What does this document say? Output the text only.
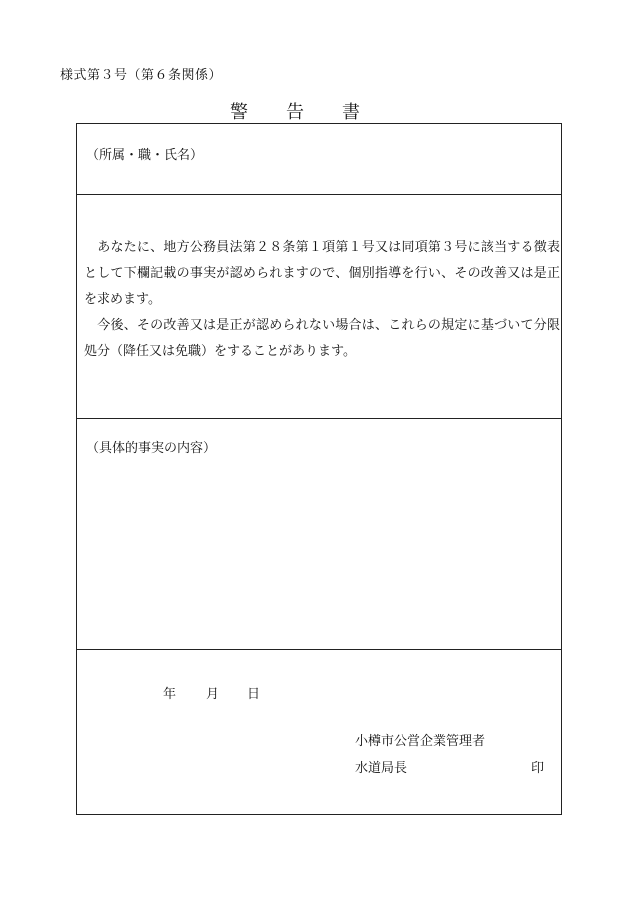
様式第３号（第６条関係）
警告書
（所属・職・氏名）
　あなたに、地方公務員法第２８条第１項第１号又は同項第３号に該当する徴表として下欄記載の事実が認められますので、個別指導を行い、その改善又は是正を求めます。
　今後、その改善又は是正が認められない場合は、これらの規定に基づいて分限処分（降任又は免職）をすることがあります。
（具体的事実の内容）
年 月 日
小樽市公営企業管理者
水道局長	印
